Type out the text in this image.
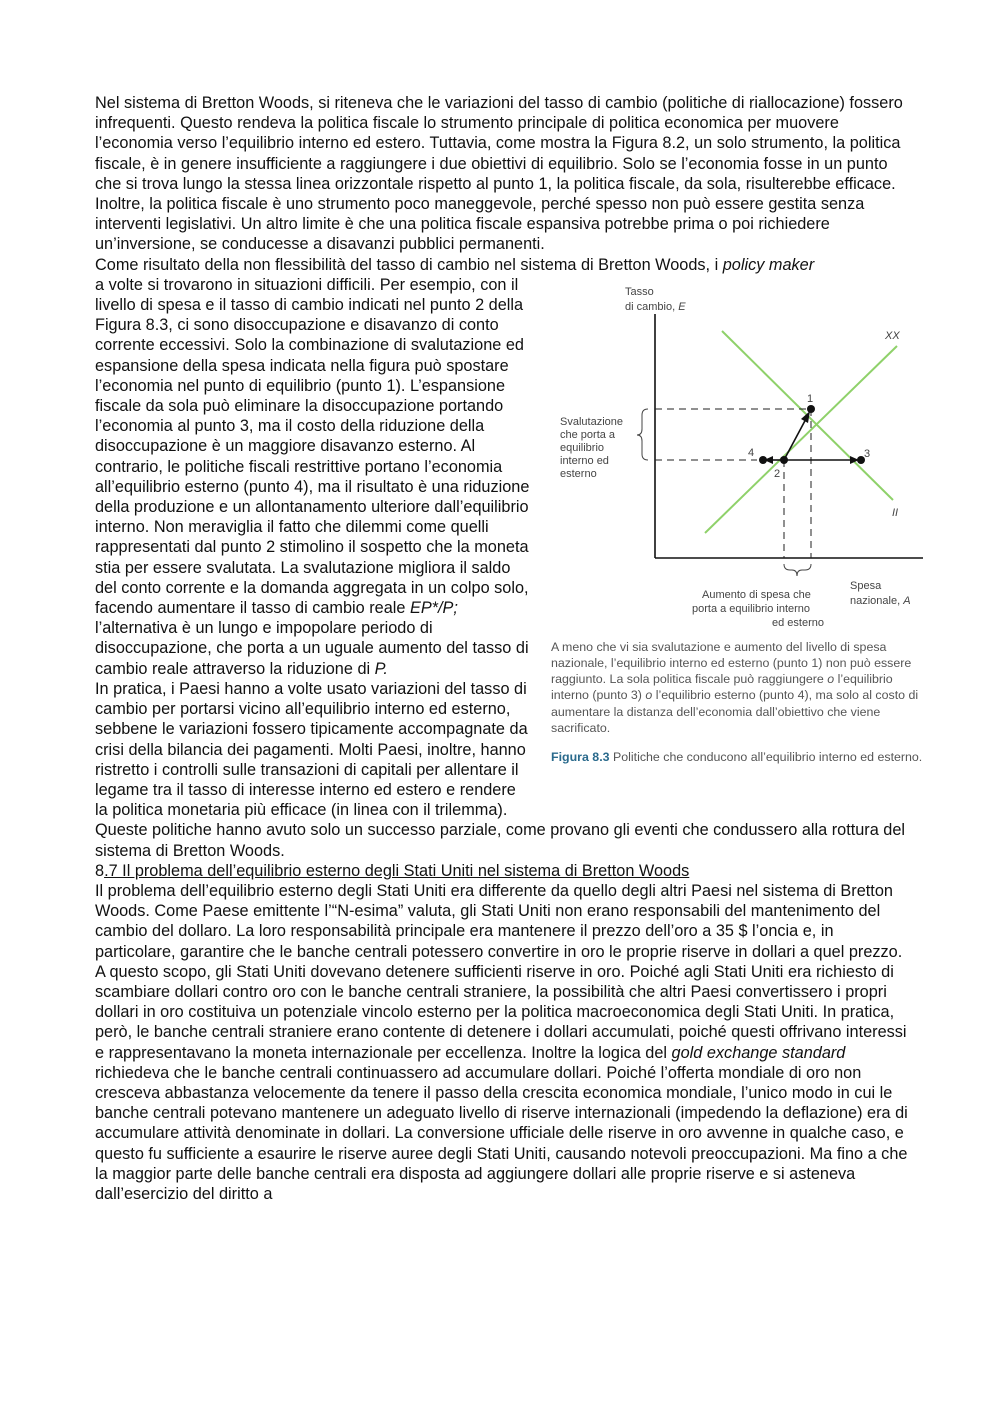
Nel sistema di Bretton Woods, si riteneva che le variazioni del tasso di cambio (politiche di riallocazione) fossero infrequenti. Questo rendeva la politica fiscale lo strumento principale di politica economica per muovere l’economia verso l’equilibrio interno ed estero. Tuttavia, come mostra la Figura 8.2, un solo strumento, la politica fiscale, è in genere insufficiente a raggiungere i due obiettivi di equilibrio. Solo se l’economia fosse in un punto che si trova lungo la stessa linea orizzontale rispetto al punto 1, la politica fiscale, da sola, risulterebbe efficace. Inoltre, la politica fiscale è uno strumento poco maneggevole, perché spesso non può essere gestita senza interventi legislativi. Un altro limite è che una politica fiscale espansiva potrebbe prima o poi richiedere un’inversione, se conducesse a disavanzi pubblici permanenti.

Come risultato della non flessibilità del tasso di cambio nel sistema di Bretton Woods, i policy maker

1
2
3
4
XX
II
Tasso
di cambio, E
Spesa
nazionale, A
Svalutazione
che porta a
equilibrio
interno ed
esterno
Aumento di spesa che
porta a equilibrio interno
ed esterno
A meno che vi sia svalutazione e aumento del livello di spesa nazionale, l’equilibrio interno ed esterno (punto 1) non può essere raggiunto. La sola politica fiscale può raggiungere o l’equilibrio interno (punto 3) o l’equilibrio esterno (punto 4), ma solo al costo di aumentare la distanza dell’economia dall’obiettivo che viene sacrificato.
Figura 8.3 Politiche che conducono all’equilibrio interno ed esterno.
a volte si trovarono in situazioni difficili. Per esempio, con il livello di spesa e il tasso di cambio indicati nel punto 2 della Figura 8.3, ci sono disoccupazione e disavanzo di conto corrente eccessivi. Solo la combinazione di svalutazione ed espansione della spesa indicata nella figura può spostare l’economia nel punto di equilibrio (punto 1). L’espansione fiscale da sola può eliminare la disoccupazione portando l’economia al punto 3, ma il costo della riduzione della disoccupazione è un maggiore disavanzo esterno. Al contrario, le politiche fiscali restrittive portano l’economia all’equilibrio esterno (punto 4), ma il risultato è una riduzione della produzione e un allontanamento ulteriore dall’equilibrio interno. Non meraviglia il fatto che dilemmi come quelli rappresentati dal punto 2 stimolino il sospetto che la moneta stia per essere svalutata. La svalutazione migliora il saldo del conto corrente e la domanda aggregata in un colpo solo, facendo aumentare il tasso di cambio reale EP*/P; l’alternativa è un lungo e impopolare periodo di disoccupazione, che porta a un uguale aumento del tasso di cambio reale attraverso la riduzione di P.

In pratica, i Paesi hanno a volte usato variazioni del tasso di cambio per portarsi vicino all’equilibrio interno ed esterno, sebbene le variazioni fossero tipicamente accompagnate da crisi della bilancia dei pagamenti. Molti Paesi, inoltre, hanno ristretto i controlli sulle transazioni di capitali per allentare il legame tra il tasso di interesse interno ed estero e rendere la politica monetaria più efficace (in linea con il trilemma). Queste politiche hanno avuto solo un successo parziale, come provano gli eventi che condussero alla rottura del sistema di Bretton Woods.

8.7 Il problema dell’equilibrio esterno degli Stati Uniti nel sistema di Bretton Woods

Il problema dell’equilibrio esterno degli Stati Uniti era differente da quello degli altri Paesi nel sistema di Bretton Woods. Come Paese emittente l’“N-esima” valuta, gli Stati Uniti non erano responsabili del mantenimento del cambio del dollaro. La loro responsabilità principale era mantenere il prezzo dell’oro a 35 $ l’oncia e, in particolare, garantire che le banche centrali potessero convertire in oro le proprie riserve in dollari a quel prezzo. A questo scopo, gli Stati Uniti dovevano detenere sufficienti riserve in oro. Poiché agli Stati Uniti era richiesto di scambiare dollari contro oro con le banche centrali straniere, la possibilità che altri Paesi convertissero i propri dollari in oro costituiva un potenziale vincolo esterno per la politica macroeconomica degli Stati Uniti. In pratica, però, le banche centrali straniere erano contente di detenere i dollari accumulati, poiché questi offrivano interessi e rappresentavano la moneta internazionale per eccellenza. Inoltre la logica del gold exchange standard richiedeva che le banche centrali continuassero ad accumulare dollari. Poiché l’offerta mondiale di oro non cresceva abbastanza velocemente da tenere il passo della crescita economica mondiale, l’unico modo in cui le banche centrali potevano mantenere un adeguato livello di riserve internazionali (impedendo la deflazione) era di accumulare attività denominate in dollari. La conversione ufficiale delle riserve in oro avvenne in qualche caso, e questo fu sufficiente a esaurire le riserve auree degli Stati Uniti, causando notevoli preoccupazioni. Ma fino a che la maggior parte delle banche centrali era disposta ad aggiungere dollari alle proprie riserve e si asteneva dall’esercizio del diritto a
